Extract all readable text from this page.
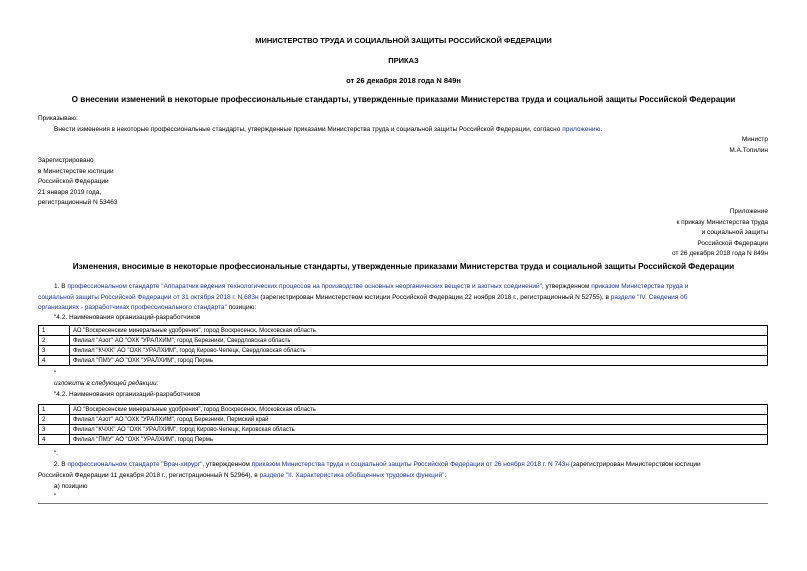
МИНИСТЕРСТВО ТРУДА И СОЦИАЛЬНОЙ ЗАЩИТЫ РОССИЙСКОЙ ФЕДЕРАЦИИ
ПРИКАЗ
от 26 декабря 2018 года N 849н
О внесении изменений в некоторые профессиональные стандарты, утвержденные приказами Министерства труда и социальной защиты Российской Федерации
Приказываю:
Внести изменения в некоторые профессиональные стандарты, утвержденные приказами Министерства труда и социальной защиты Российской Федерации, согласно приложению.
Министр
М.А.Топилин
Зарегистрировано
в Министерстве юстиции
Российской Федерации
21 января 2019 года,
регистрационный N 53463
Приложение
к приказу Министерства труда
и социальной защиты
Российской Федерации
от 26 декабря 2018 года N 849н
Изменения, вносимые в некоторые профессиональные стандарты, утвержденные приказами Министерства труда и социальной защиты Российской Федерации
1. В профессиональном стандарте "Аппаратчик ведения технологических процессов на производстве основных неорганических веществ и азотных соединений", утвержденном приказом Министерства труда и
социальной защиты Российской Федерации от 31 октября 2018 г. N 683н (зарегистрирован Министерством юстиции Российской Федерации 22 ноября 2018 г., регистрационный N 52755), в разделе "IV. Сведения об
организациях - разработчиках профессионального стандарта" позицию:
"4.2. Наименования организаций-разработчиков
1	АО "Воскресенские минеральные удобрения", город Воскресенск, Московская область
2	Филиал "Азот" АО "ОХК "УРАЛХИМ", город Березники, Свердловская область
3	Филиал "КЧХК" АО "ОХК "УРАЛХИМ", город Кирово-Чепецк, Свердловская область
4	Филиал "ПМУ" АО "ОХК "УРАЛХИМ", город Пермь
"
изложить в следующей редакции:
"4.2. Наименования организаций-разработчиков
1	АО "Воскресенские минеральные удобрения", город Воскресенск, Московская область
2	Филиал "Азот" АО "ОХК "УРАЛХИМ", город Березники, Пермский край
3	Филиал "КЧХК" АО "ОХК "УРАЛХИМ", город Кирово-Чепецк, Кировская область
4	Филиал "ПМУ" АО "ОХК "УРАЛХИМ", город Пермь
".
2. В профессиональном стандарте "Врач-хирург", утвержденном приказом Министерства труда и социальной защиты Российской Федерации от 26 ноября 2018 г. N 743н (зарегистрирован Министерством юстиции
Российской Федерации 11 декабря 2018 г., регистрационный N 52964), в разделе "II. Характеристика обобщенных трудовых функций":
а) позицию
"
